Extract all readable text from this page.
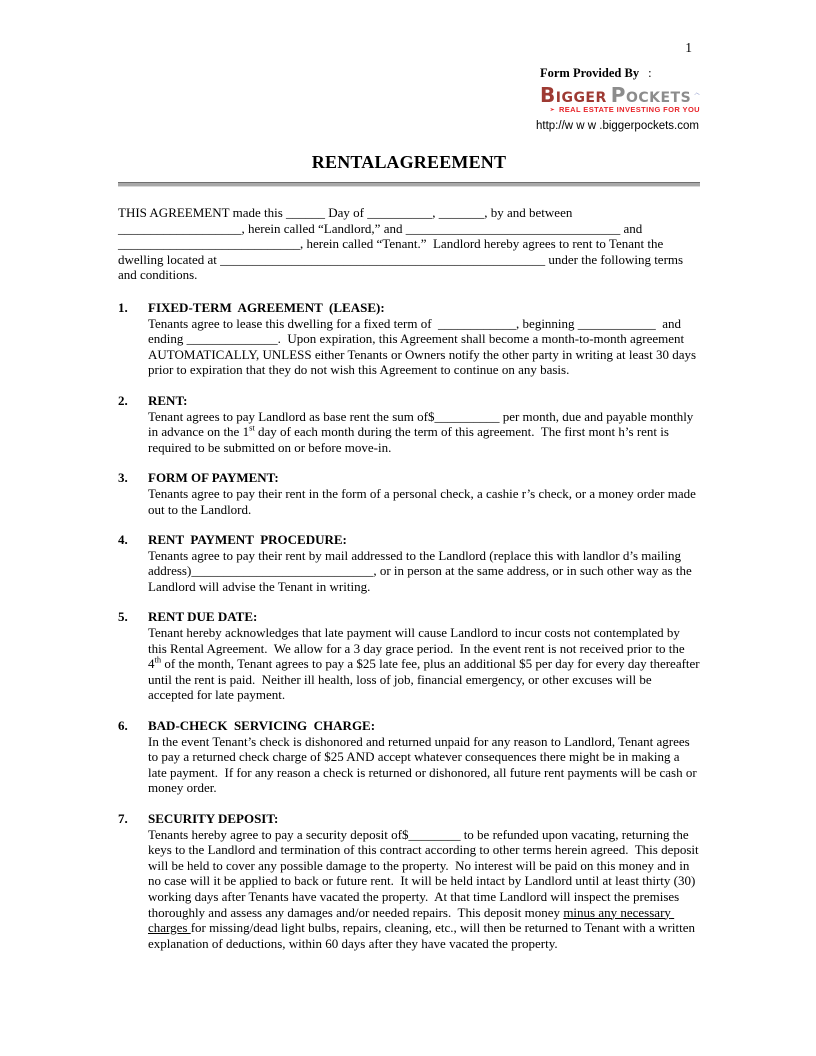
1
Form Provided By :
Bigger Pockets
REAL ESTATE INVESTING FOR YOU
http://w w w .biggerpockets.com
RENTAL AGREEMENT

THIS AGREEMENT made this ______ Day of __________, _______, by and between  ___________________, herein called “Landlord,” and _________________________________ and ____________________________, herein called “Tenant.”  Landlord hereby agrees to rent to Tenant the dwelling located at __________________________________________________ under the following terms and conditions.

1. FIXED-TERM  AGREEMENT  (LEASE):

Tenants agree to lease this dwelling for a fixed term of  ____________, beginning ____________  and ending ______________.  Upon expiration, this Agreement shall become a month-to-month agreement AUTOMATICALLY, UNLESS either Tenants or Owners notify the other party in writing at least 30 days prior to expiration that they do not wish this Agreement to continue on any basis.

2. RENT:

Tenant agrees to pay Landlord as base rent the sum of$__________ per month, due and payable monthly in advance on the 1st day of each month during the term of this agreement.  The first mont h’s rent is required to be submitted on or before move-in.

3. FORM OF PAYMENT:

Tenants agree to pay their rent in the form of a personal check, a cashie r’s check, or a money order made out to the Landlord.

4. RENT  PAYMENT  PROCEDURE:

Tenants agree to pay their rent by mail addressed to the Landlord (replace this with landlor d’s mailing address)____________________________, or in person at the same address, or in such other way as the Landlord will advise the Tenant in writing.

5. RENT DUE DATE:

Tenant hereby acknowledges that late payment will cause Landlord to incur costs not contemplated by this Rental Agreement.  We allow for a 3 day grace period.  In the event rent is not received prior to the 4th of the month, Tenant agrees to pay a $25 late fee, plus an additional $5 per day for every day thereafter until the rent is paid.  Neither ill health, loss of job, financial emergency, or other excuses will be accepted for late payment.

6. BAD-CHECK  SERVICING  CHARGE:

In the event Tenant’s check is dishonored and returned unpaid for any reason to Landlord, Tenant agrees to pay a returned check charge of $25 AND accept whatever consequences there might be in making a late payment.  If for any reason a check is returned or dishonored, all future rent payments will be cash or money order.

7. SECURITY DEPOSIT:

Tenants hereby agree to pay a security deposit of$________ to be refunded upon vacating, returning the keys to the Landlord and termination of this contract according to other terms herein agreed.  This deposit will be held to cover any possible damage to the property.  No interest will be paid on this money and in no case will it be applied to back or future rent.  It will be held intact by Landlord until at least thirty (30) working days after Tenants have vacated the property.  At that time Landlord will inspect the premises thoroughly and assess any damages and/or needed repairs.  This deposit money minus any necessary charges for missing/dead light bulbs, repairs, cleaning, etc., will then be returned to Tenant with a written explanation of deductions, within 60 days after they have vacated the property.
